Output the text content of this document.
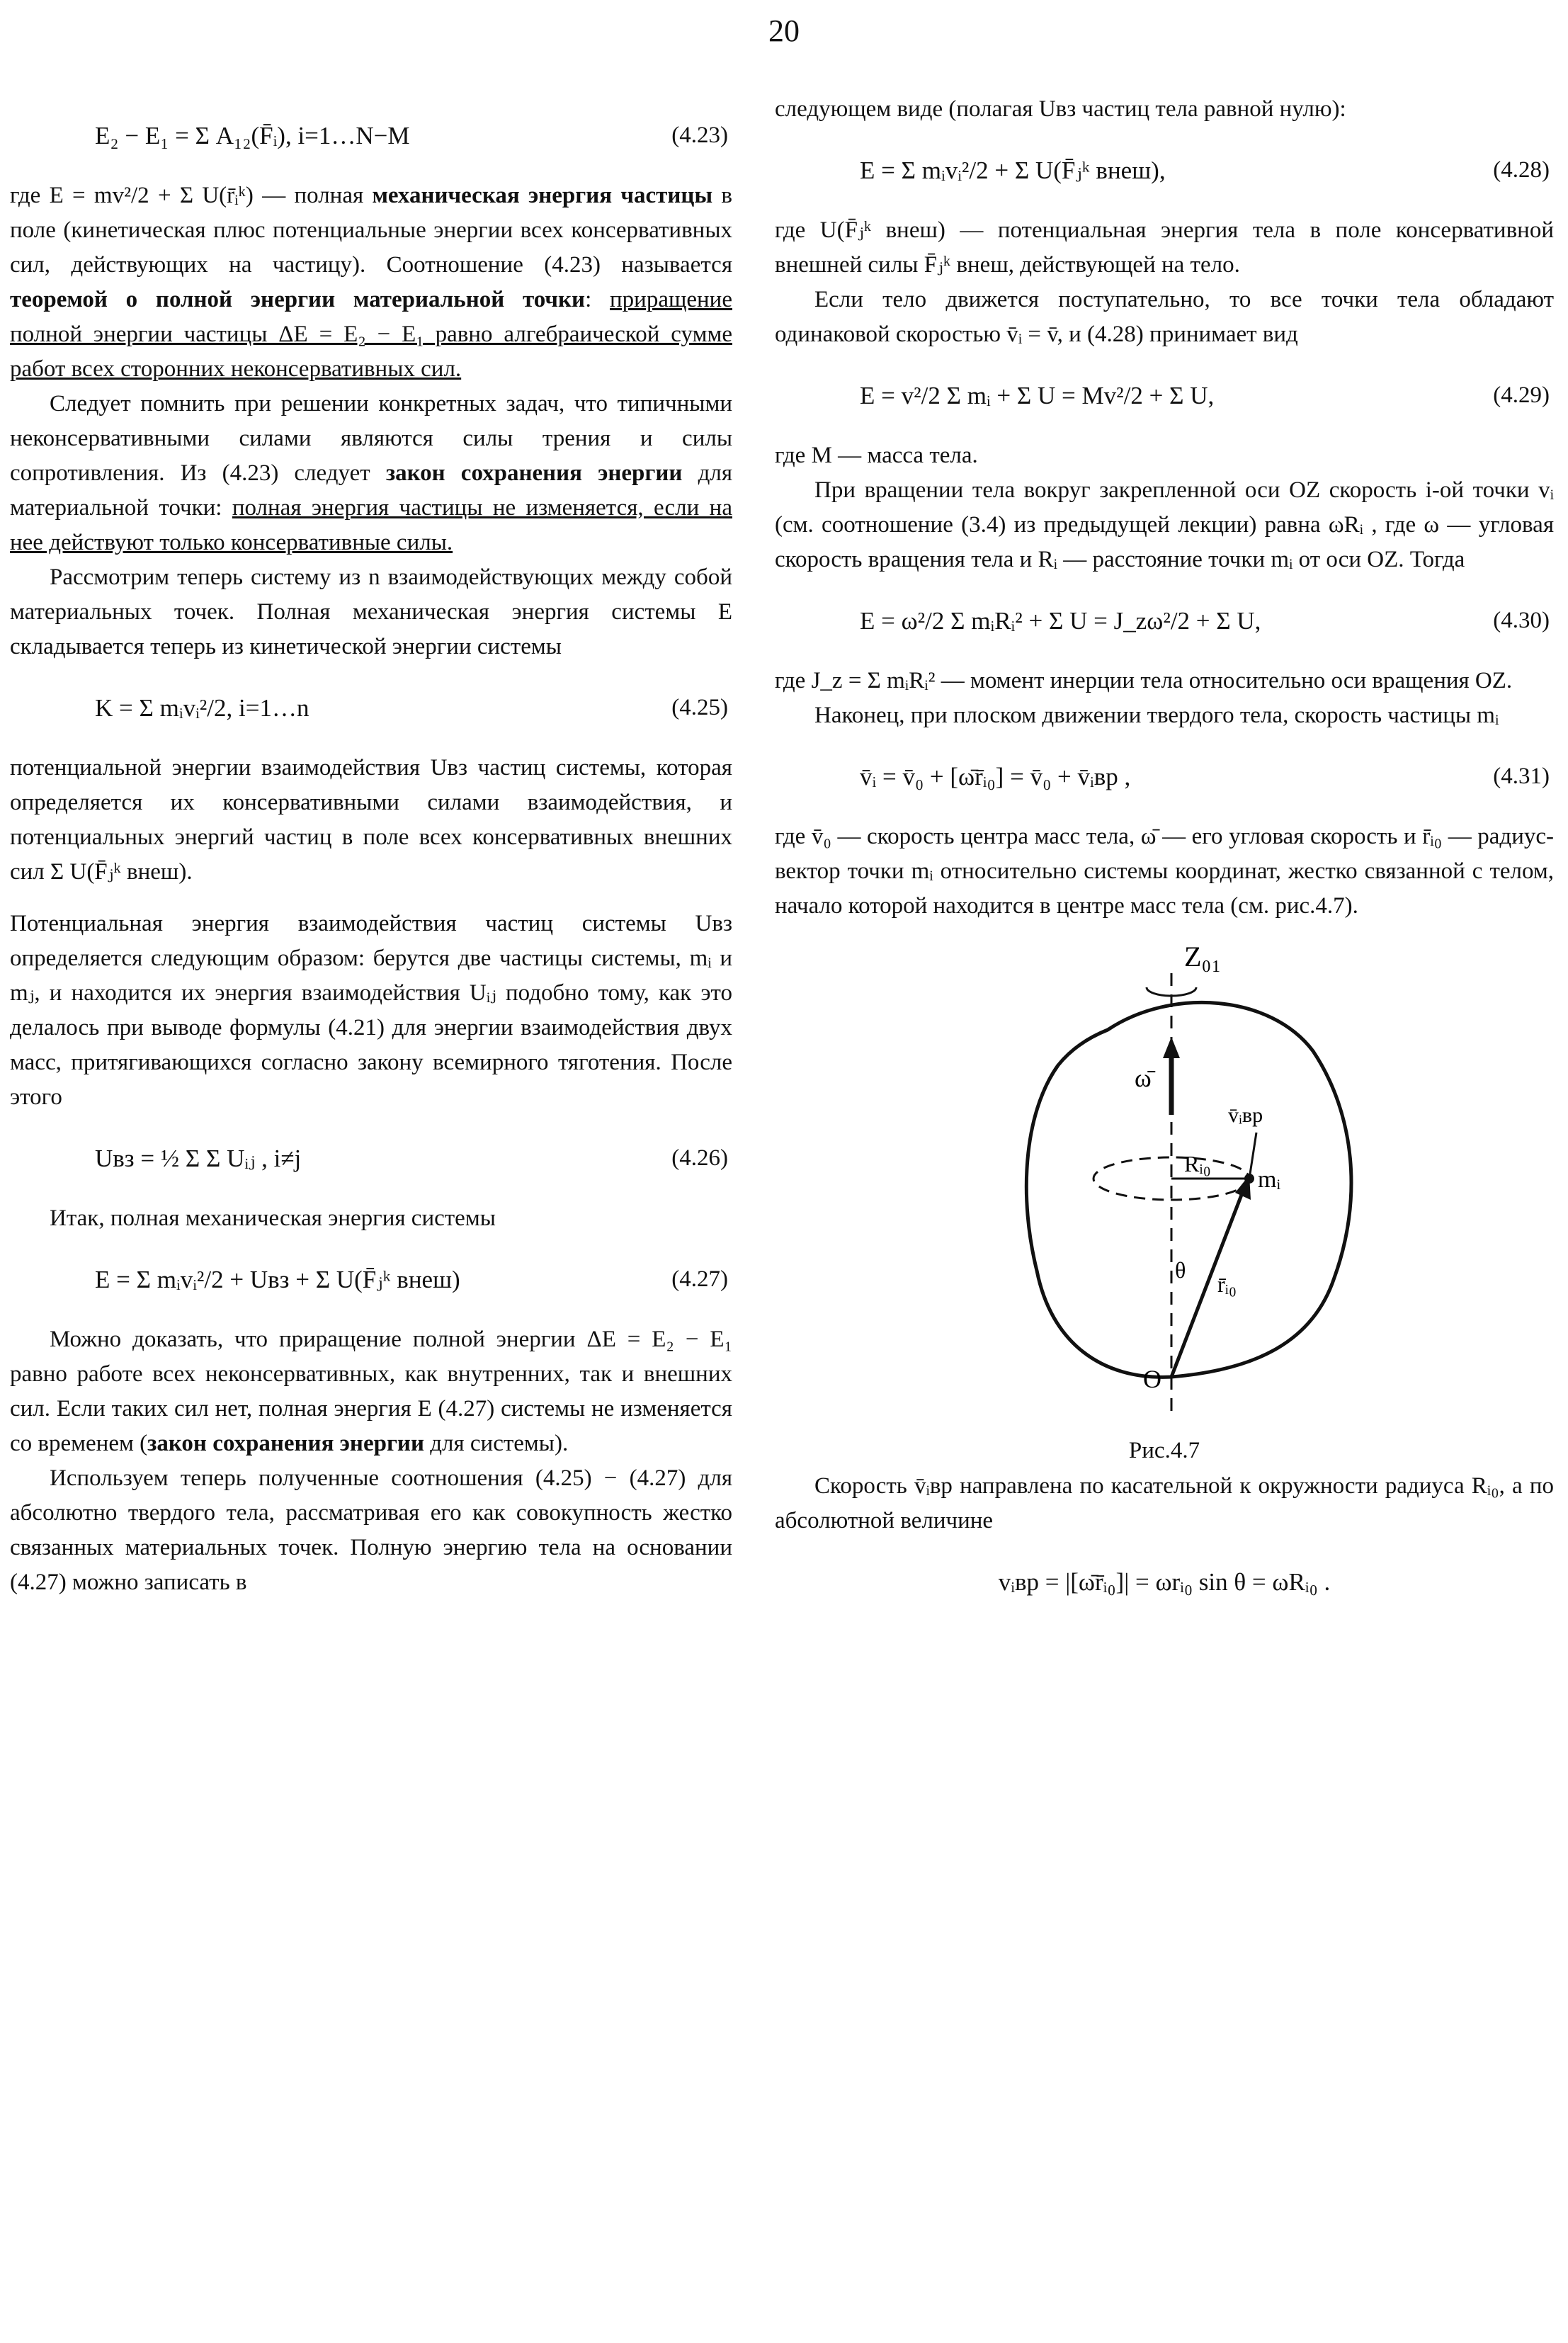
20
E₂ − E₁ = Σ A₁₂(F̄ᵢ), i=1…N−M	(4.23)

где E = mv²/2 + Σ U(r̄ᵢᵏ) — полная механическая энергия частицы в поле (кинетическая плюс потенциальные энергии всех консервативных сил, действующих на частицу). Соотношение (4.23) называется теоремой о полной энергии материальной точки: приращение полной энергии частицы ΔE = E₂ − E₁ равно алгебраической сумме работ всех сторонних неконсервативных сил.

Следует помнить при решении конкретных задач, что типичными неконсервативными силами являются силы трения и силы сопротивления. Из (4.23) следует закон сохранения энергии для материальной точки: полная энергия частицы не изменяется, если на нее действуют только консервативные силы.

Рассмотрим теперь систему из n взаимодействующих между собой материальных точек. Полная механическая энергия системы E складывается теперь из кинетической энергии системы

K = Σ mᵢvᵢ²/2, i=1…n	(4.25)

потенциальной энергии взаимодействия Uвз частиц системы, которая определяется их консервативными силами взаимодействия, и потенциальных энергий частиц в поле всех консервативных внешних сил Σ U(F̄ⱼᵏ внеш).

Потенциальная энергия взаимодействия частиц системы Uвз определяется следующим образом: берутся две частицы системы, mᵢ и mⱼ, и находится их энергия взаимодействия Uᵢⱼ подобно тому, как это делалось при выводе формулы (4.21) для энергии взаимодействия двух масс, притягивающихся согласно закону всемирного тяготения. После этого

Uвз = ½ Σ Σ Uᵢⱼ , i≠j	(4.26)

Итак, полная механическая энергия системы

E = Σ mᵢvᵢ²/2 + Uвз + Σ U(F̄ⱼᵏ внеш)	(4.27)

Можно доказать, что приращение полной энергии ΔE = E₂ − E₁ равно работе всех неконсервативных, как внутренних, так и внешних сил. Если таких сил нет, полная энергия E (4.27) системы не изменяется со временем (закон сохранения энергии для системы).

Используем теперь полученные соотношения (4.25) − (4.27) для абсолютно твердого тела, рассматривая его как совокупность жестко связанных материальных точек. Полную энергию тела на основании (4.27) можно записать в

следующем виде (полагая Uвз частиц тела равной нулю):

E = Σ mᵢvᵢ²/2 + Σ U(F̄ⱼᵏ внеш),	(4.28)

где U(F̄ⱼᵏ внеш) — потенциальная энергия тела в поле консервативной внешней силы F̄ⱼᵏ внеш, действующей на тело.

Если тело движется поступательно, то все точки тела обладают одинаковой скоростью v̄ᵢ = v̄, и (4.28) принимает вид

E = v²/2 Σ mᵢ + Σ U = Mv²/2 + Σ U,	(4.29)

где M — масса тела.

При вращении тела вокруг закрепленной оси OZ скорость i-ой точки vᵢ (см. соотношение (3.4) из предыдущей лекции) равна ωRᵢ , где ω — угловая скорость вращения тела и Rᵢ — расстояние точки mᵢ от оси OZ. Тогда

E = ω²/2 Σ mᵢRᵢ² + Σ U = J_zω²/2 + Σ U,	(4.30)

где J_z = Σ mᵢRᵢ² — момент инерции тела относительно оси вращения OZ.

Наконец, при плоском движении твердого тела, скорость частицы mᵢ

v̄ᵢ = v̄₀ + [ω̄r̄ᵢ₀] = v̄₀ + v̄ᵢвр ,	(4.31)

где v̄₀ — скорость центра масс тела, ω̄ — его угловая скорость и r̄ᵢ₀ — радиус-вектор точки mᵢ относительно системы координат, жестко связанной с телом, начало которой находится в центре масс тела (см. рис.4.7).

Z₀₁
ω̄
Rᵢ₀
mᵢ
v̄ᵢвр
θ
r̄ᵢ₀
O
Рис.4.7

Скорость v̄ᵢвр направлена по касательной к окружности радиуса Rᵢ₀, а по абсолютной величине

vᵢвр = |[ω̄r̄ᵢ₀]| = ωrᵢ₀ sin θ = ωRᵢ₀ .
